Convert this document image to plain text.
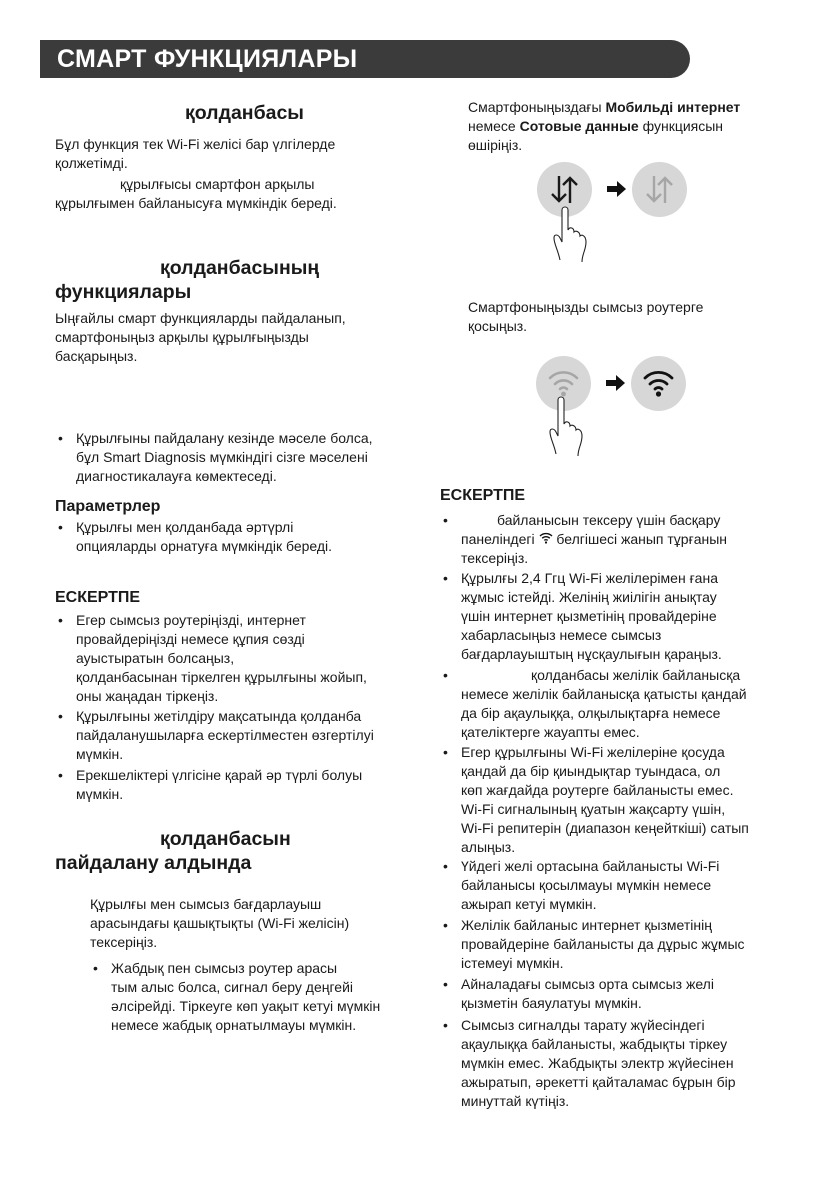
СМАРТ ФУНКЦИЯЛАРЫ
қолданбасы
Бұл функция тек Wi-Fi желісі бар үлгілерде
қолжетімді.
құрылғысы смартфон арқылы
құрылғымен байланысуға мүмкіндік береді.
қолданбасының
функциялары
Ыңғайлы смарт функцияларды пайдаланып,
смартфоныңыз арқылы құрылғыңызды
басқарыңыз.
• Құрылғыны пайдалану кезінде мәселе болса,
бұл Smart Diagnosis мүмкіндігі сізге мәселені
диагностикалауға көмектеседі.
Параметрлер
• Құрылғы мен қолданбада әртүрлі
опцияларды орнатуға мүмкіндік береді.
ЕСКЕРТПЕ
• Егер сымсыз роутеріңізді, интернет
провайдеріңізді немесе құпия сөзді
ауыстыратын болсаңыз,
қолданбасынан тіркелген құрылғыны жойып,
оны жаңадан тіркеңіз.
• Құрылғыны жетілдіру мақсатында қолданба
пайдаланушыларға ескертілместен өзгертілуі
мүмкін.
• Ерекшеліктері үлгісіне қарай әр түрлі болуы
мүмкін.
қолданбасын
пайдалану алдында
Құрылғы мен сымсыз бағдарлауыш
арасындағы қашықтықты (Wi-Fi желісін)
тексеріңіз.
• Жабдық пен сымсыз роутер арасы
тым алыс болса, сигнал беру деңгейі
әлсірейді. Тіркеуге көп уақыт кетуі мүмкін
немесе жабдық орнатылмауы мүмкін.
Смартфоныңыздағы Мобильді интернет
немесе Сотовые данные функциясын
өшіріңіз.
Смартфоныңызды сымсыз роутерге
қосыңыз.
ЕСКЕРТПЕ
•	байланысын тексеру үшін басқару
панеліндегі белгішесі жанып тұрғанын
тексеріңіз.
• Құрылғы 2,4 Ггц Wi-Fi желілерімен ғана
жұмыс істейді. Желінің жиілігін анықтау
үшін интернет қызметінің провайдеріне
хабарласыңыз немесе сымсыз
бағдарлауыштың нұсқаулығын қараңыз.
•	қолданбасы желілік байланысқа
немесе желілік байланысқа қатысты қандай
да бір ақаулыққа, олқылықтарға немесе
қателіктерге жауапты емес.
• Егер құрылғыны Wi-Fi желілеріне қосуда
қандай да бір қиындықтар туындаса, ол
көп жағдайда роутерге байланысты емес.
Wi-Fi сигналының қуатын жақсарту үшін,
Wi-Fi репитерін (диапазон кеңейткіші) сатып
алыңыз.
• Үйдегі желі ортасына байланысты Wi-Fi
байланысы қосылмауы мүмкін немесе
ажырап кетуі мүмкін.
• Желілік байланыс интернет қызметінің
провайдеріне байланысты да дұрыс жұмыс
істемеуі мүмкін.
• Айналадағы сымсыз орта сымсыз желі
қызметін баяулатуы мүмкін.
• Сымсыз сигналды тарату жүйесіндегі
ақаулыққа байланысты, жабдықты тіркеу
мүмкін емес. Жабдықты электр жүйесінен
ажыратып, әрекетті қайталамас бұрын бір
минуттай күтіңіз.
